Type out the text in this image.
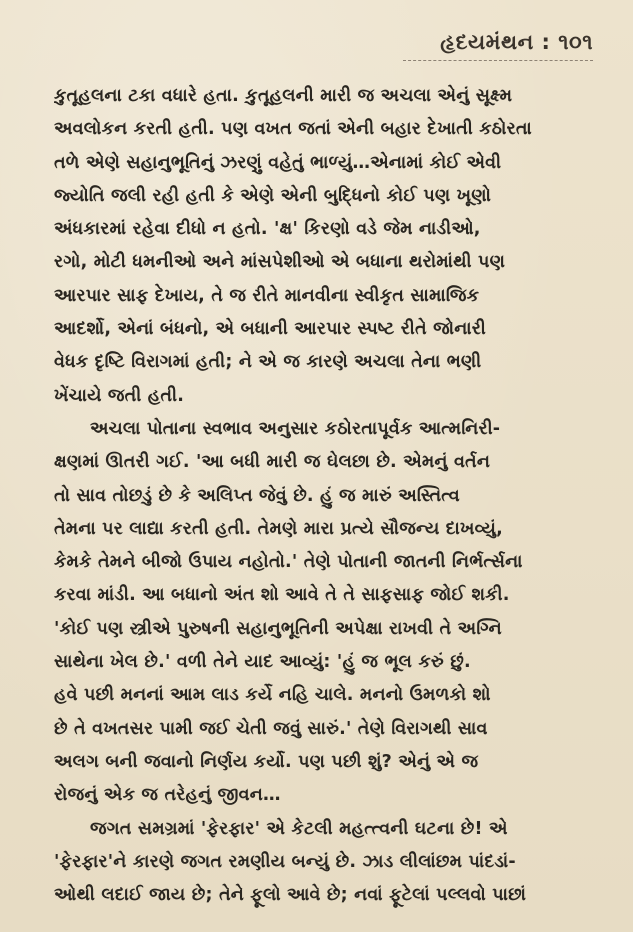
હૃદયમંથન : ૧૦૧
કુતૂહલના ટકા વધારે હતા. કુતૂહલની મારી જ અચલા એનું સૂક્ષ્મ
અવલોકન કરતી હતી. પણ વખત જતાં એની બહાર દેખાતી કઠોરતા
તળે એણે સહાનુભૂતિનું ઝરણું વહેતું ભાળ્યું…એનામાં કોઈ એવી
જ્યોતિ જલી રહી હતી કે એણે એની બુદ્ધિનો કોઈ પણ ખૂણો
અંધકારમાં રહેવા દીધો ન હતો. 'ક્ષ' કિરણો વડે જેમ નાડીઓ,
રગો, મોટી ધમનીઓ અને માંસપેશીઓ એ બધાના થરોમાંથી પણ
આરપાર સાફ દેખાય, તે જ રીતે માનવીના સ્વીકૃત સામાજિક
આદર્શો, એનાં બંધનો, એ બધાની આરપાર સ્પષ્ટ રીતે જોનારી
વેધક દૃષ્ટિ વિરાગમાં હતી; ને એ જ કારણે અચલા તેના ભણી
ખેંચાયે જતી હતી.
અચલા પોતાના સ્વભાવ અનુસાર કઠોરતાપૂર્વક આત્મનિરી-
ક્ષણમાં ઊતરી ગઈ. 'આ બધી મારી જ ઘેલછા છે. એમનું વર્તન
તો સાવ તોછડું છે કે અલિપ્ત જેવું છે. હું જ મારું અસ્તિત્વ
તેમના પર લાદ્યા કરતી હતી. તેમણે મારા પ્રત્યે સૌજન્ય દાખવ્યું,
કેમકે તેમને બીજો ઉપાય નહોતો.' તેણે પોતાની જાતની નિર્ભર્ત્સના
કરવા માંડી. આ બધાનો અંત શો આવે તે તે સાફસાફ જોઈ શકી.
'કોઈ પણ સ્ત્રીએ પુરુષની સહાનુભૂતિની અપેક્ષા રાખવી તે અગ્નિ
સાથેના ખેલ છે.' વળી તેને યાદ આવ્યું: 'હું જ ભૂલ કરું છું.
હવે પછી મનનાં આમ લાડ કર્યે નહિ ચાલે. મનનો ઉમળકો શો
છે તે વખતસર પામી જઈ ચેતી જવું સારું.' તેણે વિરાગથી સાવ
અલગ બની જવાનો નિર્ણય કર્યો. પણ પછી શું? એનું એ જ
રોજનું એક જ તરેહનું જીવન…
જગત સમગ્રમાં 'ફેરફાર' એ કેટલી મહત્ત્વની ઘટના છે! એ
'ફેરફાર'ને કારણે જગત રમણીય બન્યું છે. ઝાડ લીલાંછમ પાંદડાં-
ઓથી લદાઈ જાય છે; તેને ફૂલો આવે છે; નવાં ફૂટેલાં પલ્લવો પાછાં
